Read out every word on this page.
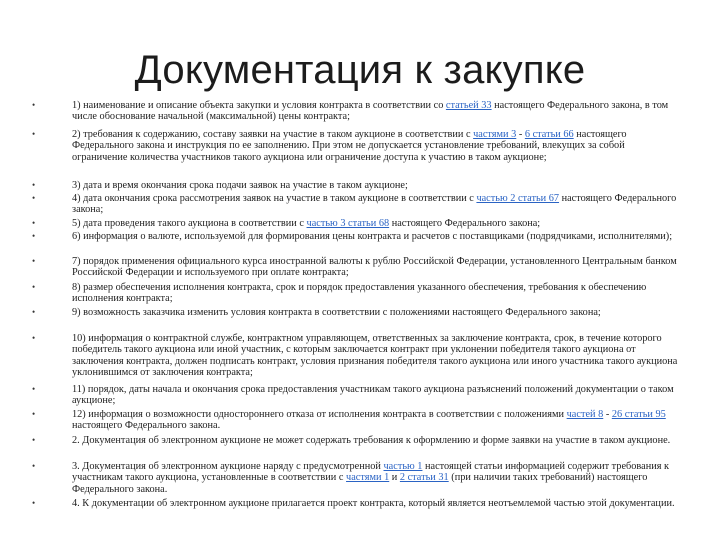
Документация к закупке
• 1) наименование и описание объекта закупки и условия контракта в соответствии со статьей 33 настоящего Федерального закона, в том числе обоснование начальной (максимальной) цены контракта;
• 2) требования к содержанию, составу заявки на участие в таком аукционе в соответствии с частями 3 - 6 статьи 66 настоящего Федерального закона и инструкция по ее заполнению. При этом не допускается установление требований, влекущих за собой ограничение количества участников такого аукциона или ограничение доступа к участию в таком аукционе;
• 3) дата и время окончания срока подачи заявок на участие в таком аукционе;
• 4) дата окончания срока рассмотрения заявок на участие в таком аукционе в соответствии с частью 2 статьи 67 настоящего Федерального закона;
• 5) дата проведения такого аукциона в соответствии с частью 3 статьи 68 настоящего Федерального закона;
• 6) информация о валюте, используемой для формирования цены контракта и расчетов с поставщиками (подрядчиками, исполнителями);
• 7) порядок применения официального курса иностранной валюты к рублю Российской Федерации, установленного Центральным банком Российской Федерации и используемого при оплате контракта;
• 8) размер обеспечения исполнения контракта, срок и порядок предоставления указанного обеспечения, требования к обеспечению исполнения контракта;
• 9) возможность заказчика изменить условия контракта в соответствии с положениями настоящего Федерального закона;
• 10) информация о контрактной службе, контрактном управляющем, ответственных за заключение контракта, срок, в течение которого победитель такого аукциона или иной участник, с которым заключается контракт при уклонении победителя такого аукциона от заключения контракта, должен подписать контракт, условия признания победителя такого аукциона или иного участника такого аукциона уклонившимся от заключения контракта;
• 11) порядок, даты начала и окончания срока предоставления участникам такого аукциона разъяснений положений документации о таком аукционе;
• 12) информация о возможности одностороннего отказа от исполнения контракта в соответствии с положениями частей 8 - 26 статьи 95 настоящего Федерального закона.
• 2. Документация об электронном аукционе не может содержать требования к оформлению и форме заявки на участие в таком аукционе.
• 3. Документация об электронном аукционе наряду с предусмотренной частью 1 настоящей статьи информацией содержит требования к участникам такого аукциона, установленные в соответствии с частями 1 и 2 статьи 31 (при наличии таких требований) настоящего Федерального закона.
• 4. К документации об электронном аукционе прилагается проект контракта, который является неотъемлемой частью этой документации.
